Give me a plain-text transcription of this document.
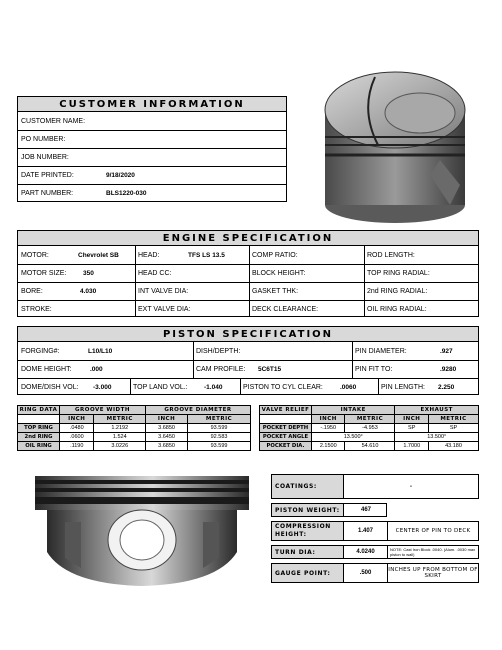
CUSTOMER INFORMATION
CUSTOMER NAME:
PO NUMBER:
JOB NUMBER:
DATE PRINTED:	9/18/2020
PART NUMBER:	BLS1220-030
ENGINE SPECIFICATION
MOTOR:	Chevrolet SB	HEAD:	TFS LS 13.5	COMP RATIO:	ROD LENGTH:
MOTOR SIZE:	350	HEAD CC:	BLOCK HEIGHT:	TOP RING RADIAL:
BORE:	4.030	INT VALVE DIA:	GASKET THK:	2nd RING RADIAL:
STROKE:	EXT VALVE DIA:	DECK CLEARANCE:	OIL RING RADIAL:
PISTON SPECIFICATION
FORGING#:	L10/L10	DISH/DEPTH:	PIN DIAMETER:	.927
DOME HEIGHT:	.000	CAM PROFILE: 5C6T15	PIN FIT TO:	.9280
DOME/DISH VOL: -3.000	TOP LAND VOL.:	-1.040	PISTON TO CYL CLEAR:	.0060	PIN LENGTH: 2.250
RING DATA	GROOVE WIDTH		GROOVE DIAMETER	
	INCH	METRIC	INCH	METRIC
TOP RING	.0480	1.2192	3.6850	93.599
2nd RING	.0600	1.524	3.6450	92.583
OIL RING	.1190	3.0226	3.6850	93.599
VALVE RELIEF	INTAKE		EXHAUST	
	INCH	METRIC	INCH	METRIC
POCKET DEPTH	-.1950	-4.953	SP	SP
POCKET ANGLE	13.500°		13.500°	
POCKET DIA.	2.1500	54.610	1.7000	43.180
COATINGS:	-
PISTON WEIGHT:	467
COMPRESSION HEIGHT:	1.407	CENTER OF PIN TO DECK
TURN DIA:	4.0240	NOTE: Cast Iron Block .0040. (Alum. .0030 max piston to wall)
GAUGE POINT:	.500	INCHES UP FROM BOTTOM OF SKIRT
